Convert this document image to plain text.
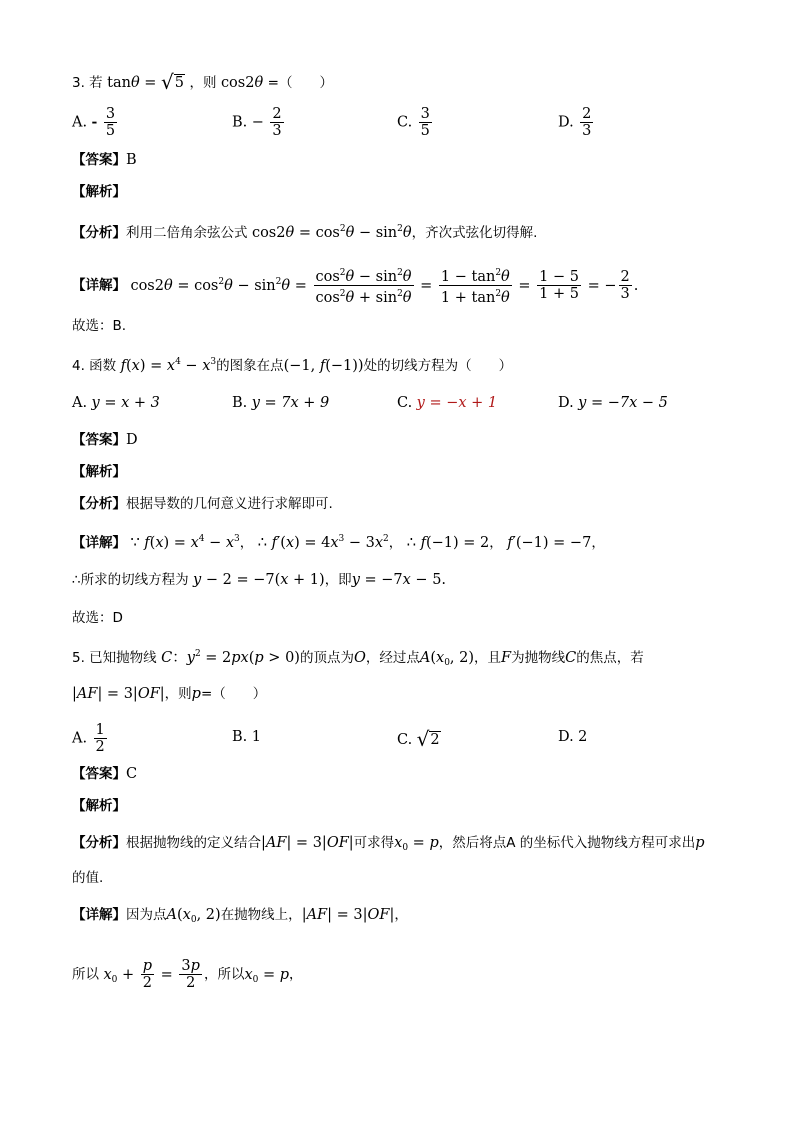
3. 若 tanθ = √5 ，则 cos2θ =（　　）
A. - $\frac{3}{5}$	B. − $\frac{2}{3}$	C. $\frac{3}{5}$	D. $\frac{2}{3}$
【答案】B
【解析】
【分析】利用二倍角余弦公式 $\cos 2\theta = \cos^2\theta - \sin^2\theta$，齐次式弦化切得解.
【详解】 $\cos 2\theta = \cos^2\theta - \sin^2\theta = \frac{\cos^2\theta - \sin^2\theta}{\cos^2\theta + \sin^2\theta} = \frac{1 - \tan^2\theta}{1 + \tan^2\theta} = \frac{1 - 5}{1 + 5}$ = − $\frac{2}{3}$ .
故选：B.
4. 函数 $f(x) = x^4 - x^3$的图象在点(−1, f(−1))处的切线方程为（　　）
A. y = x + 3	B. y = 7x + 9	C. y = −x + 1	D. y = −7x − 5
【答案】D
【解析】
【分析】根据导数的几何意义进行求解即可.
【详解】 ∵ $f(x) = x^4 - x^3$， ∴ $f'(x) = 4x^3 - 3x^2$， ∴ f(−1) = 2， f′(−1) = −7，
∴所求的切线方程为 y − 2 = −7(x + 1)，即y = −7x − 5.
故选：D
5. 已知抛物线 C：$y^2 = 2px(p > 0)$的顶点为O，经过点$A(x_0$, 2)，且F为抛物线C的焦点，若
|AF| = 3|OF|，则p=（　　）
A. $\frac{1}{2}$	B. 1	C. √2	D. 2
【答案】C
【解析】
【分析】根据抛物线的定义结合|AF| = 3|OF|可求得$x_0 = p$，然后将点A 的坐标代入抛物线方程可求出p
的值.
【详解】因为点$A(x_0$, 2)在抛物线上，|AF| = 3|OF|，
所以 $x_0 + \frac{p}{2} = \frac{3p}{2}$ ，所以$x_0 = p$，
